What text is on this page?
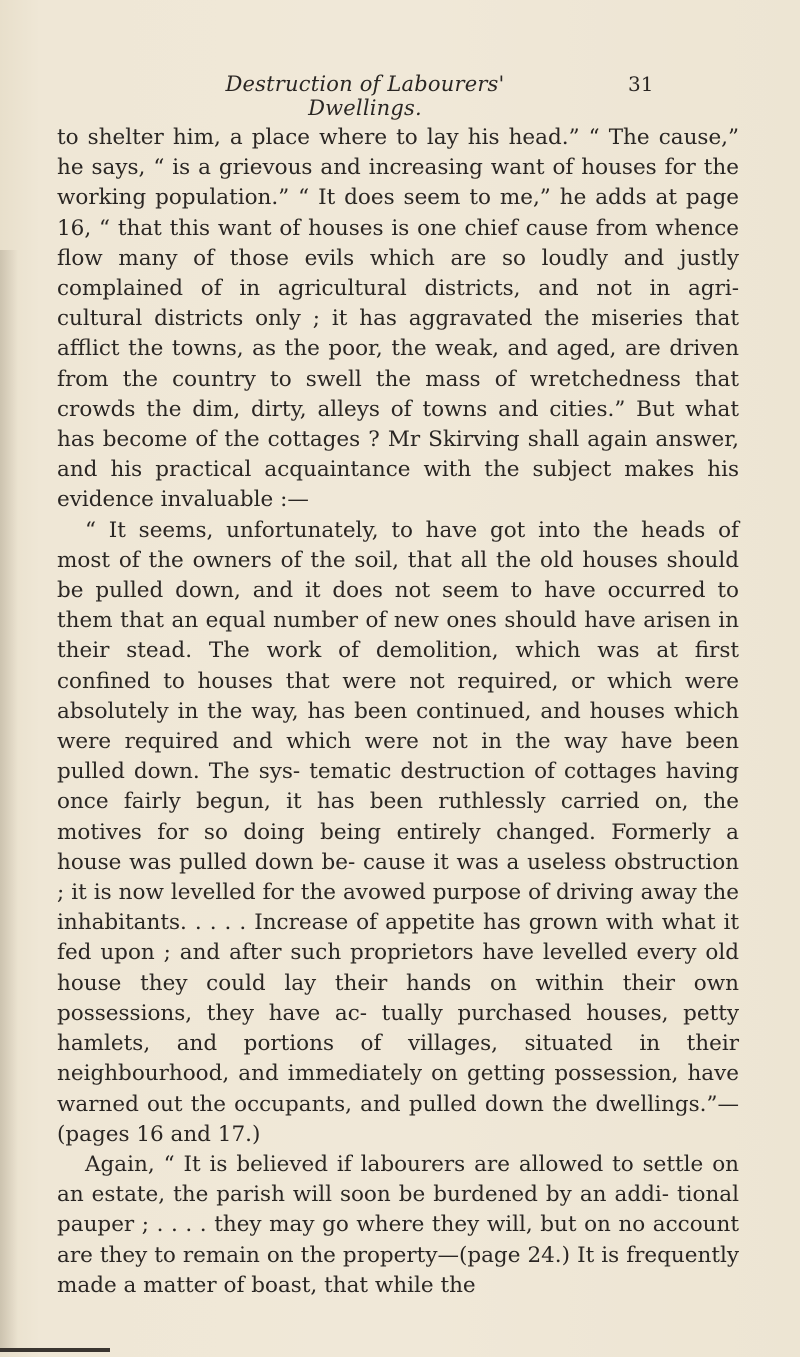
Destruction of Labourers' Dwellings.
31

to shelter him, a place where to lay his head.” “ The cause,” he says, “ is a grievous and increasing want of houses for the working population.” “ It does seem to me,” he adds at page 16, “ that this want of houses is one chief cause from whence flow many of those evils which are so loudly and justly complained of in agricultural districts, and not in agri- cultural districts only ; it has aggravated the miseries that afflict the towns, as the poor, the weak, and aged, are driven from the country to swell the mass of wretchedness that crowds the dim, dirty, alleys of towns and cities.” But what has become of the cottages ? Mr Skirving shall again answer, and his practical acquaintance with the subject makes his evidence invaluable :—

“ It seems, unfortunately, to have got into the heads of most of the owners of the soil, that all the old houses should be pulled down, and it does not seem to have occurred to them that an equal number of new ones should have arisen in their stead. The work of demolition, which was at first confined to houses that were not required, or which were absolutely in the way, has been continued, and houses which were required and which were not in the way have been pulled down. The sys- tematic destruction of cottages having once fairly begun, it has been ruthlessly carried on, the motives for so doing being entirely changed. Formerly a house was pulled down be- cause it was a useless obstruction ; it is now levelled for the avowed purpose of driving away the inhabitants. . . . . Increase of appetite has grown with what it fed upon ; and after such proprietors have levelled every old house they could lay their hands on within their own possessions, they have ac- tually purchased houses, petty hamlets, and portions of villages, situated in their neighbourhood, and immediately on getting possession, have warned out the occupants, and pulled down the dwellings.”—(pages 16 and 17.)

Again, “ It is believed if labourers are allowed to settle on an estate, the parish will soon be burdened by an addi- tional pauper ; . . . . they may go where they will, but on no account are they to remain on the property—(page 24.) It is frequently made a matter of boast, that while the
